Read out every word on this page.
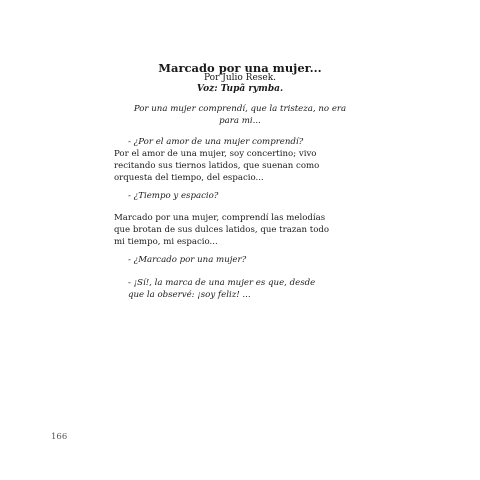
Marcado por una mujer...
Por Julio Resek.
Voz: Tupã rymba.
Por una mujer comprendí, que la tristeza, no era
para mi...
- ¿Por el amor de una mujer comprendí?
Por el amor de una mujer, soy concertino; vivo
recitando sus tiernos latidos, que suenan como
orquesta del tiempo, del espacio...
- ¿Tiempo y espacio?
Marcado por una mujer, comprendí las melodías
que brotan de sus dulces latidos, que trazan todo
mi tiempo, mi espacio...
- ¿Marcado por una mujer?
- ¡Sí!, la marca de una mujer es que, desde
que la observé: ¡soy feliz! ...
166
